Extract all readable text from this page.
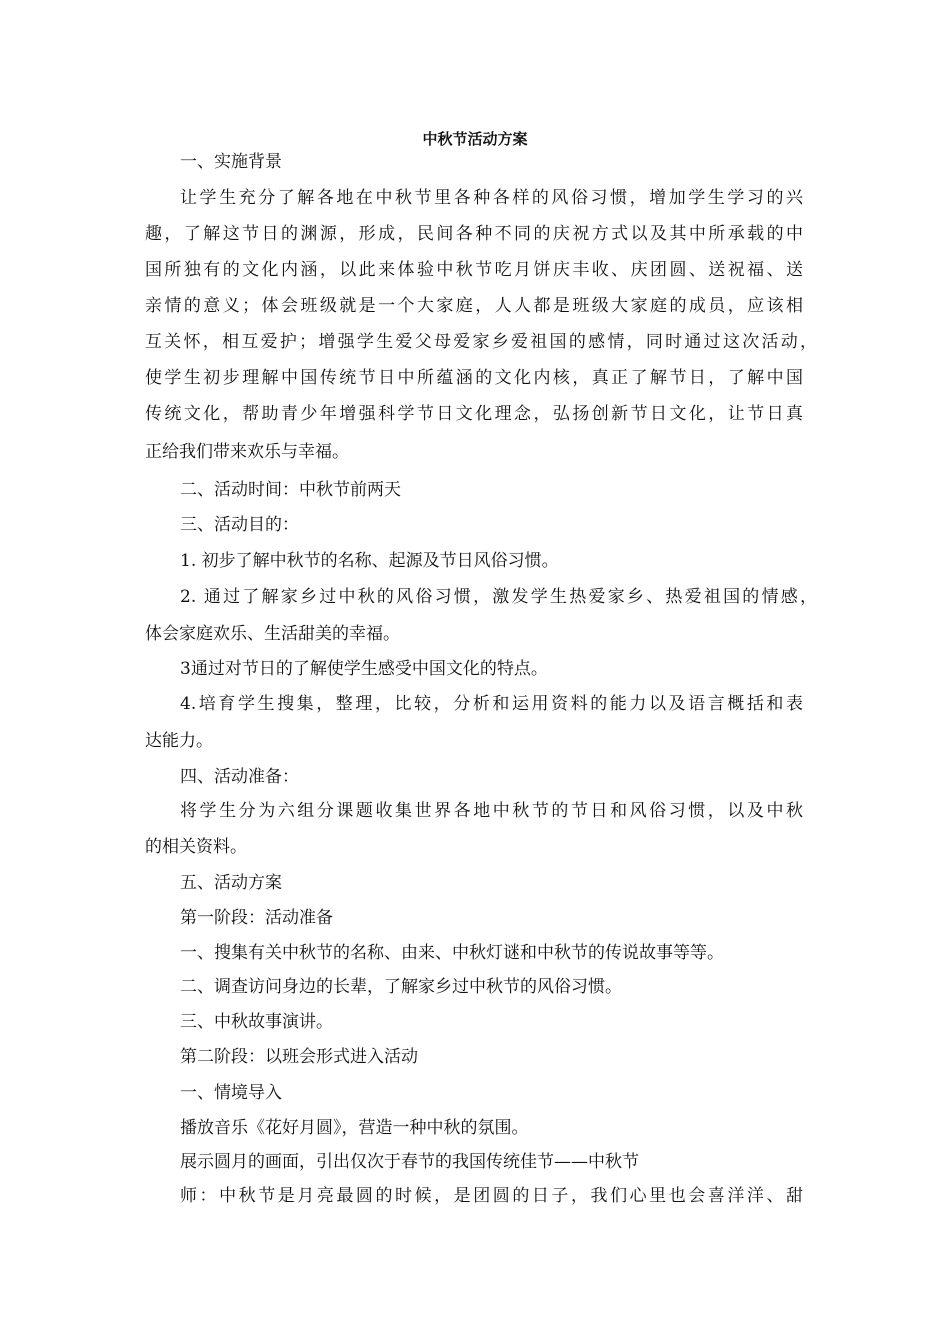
中秋节活动方案
一、实施背景
让学生充分了解各地在中秋节里各种各样的风俗习惯，增加学生学习的兴
趣，了解这节日的渊源，形成，民间各种不同的庆祝方式以及其中所承载的中
国所独有的文化内涵，以此来体验中秋节吃月饼庆丰收、庆团圆、送祝福、送
亲情的意义；体会班级就是一个大家庭，人人都是班级大家庭的成员，应该相
互关怀，相互爱护；增强学生爱父母爱家乡爱祖国的感情，同时通过这次活动，
使学生初步理解中国传统节日中所蕴涵的文化内核，真正了解节日，了解中国
传统文化，帮助青少年增强科学节日文化理念，弘扬创新节日文化，让节日真
正给我们带来欢乐与幸福。
二、活动时间：中秋节前两天
三、活动目的：
1. 初步了解中秋节的名称、起源及节日风俗习惯。
2. 通过了解家乡过中秋的风俗习惯，激发学生热爱家乡、热爱祖国的情感，
体会家庭欢乐、生活甜美的幸福。
3通过对节日的了解使学生感受中国文化的特点。
4.培育学生搜集，整理，比较，分析和运用资料的能力以及语言概括和表
达能力。
四、活动准备：
将学生分为六组分课题收集世界各地中秋节的节日和风俗习惯，以及中秋
的相关资料。
五、活动方案
第一阶段：活动准备
一、搜集有关中秋节的名称、由来、中秋灯谜和中秋节的传说故事等等。
二、调查访问身边的长辈，了解家乡过中秋节的风俗习惯。
三、中秋故事演讲。
第二阶段：以班会形式进入活动
一、情境导入
播放音乐《花好月圆》，营造一种中秋的氛围。
展示圆月的画面，引出仅次于春节的我国传统佳节——中秋节
师：中秋节是月亮最圆的时候，是团圆的日子，我们心里也会喜洋洋、甜
